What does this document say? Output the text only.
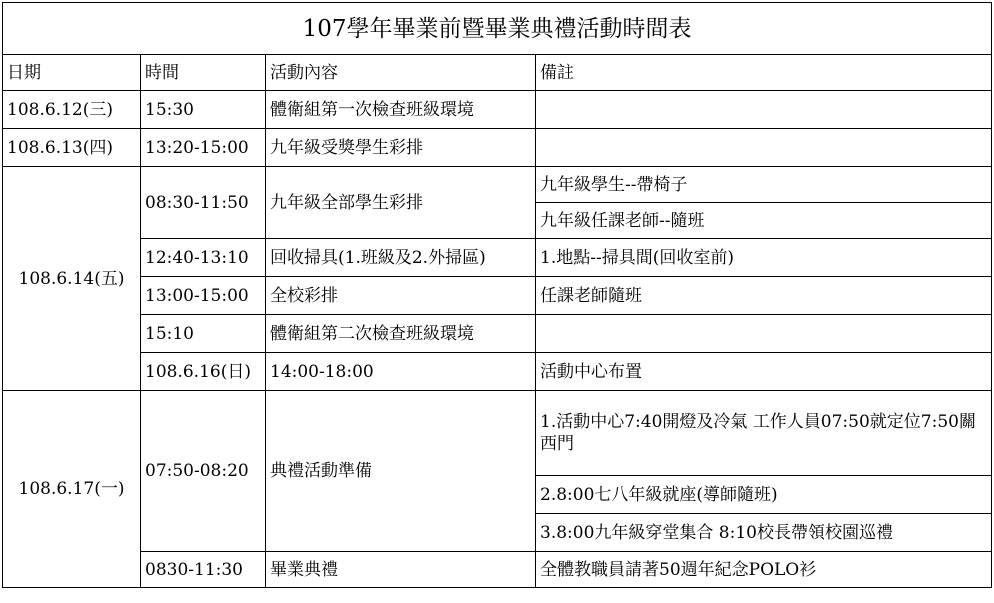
107學年畢業前暨畢業典禮活動時間表				
日期	時間	活動內容	備註	
108.6.12(三)	15:30	體衛組第一次檢查班級環境		
108.6.13(四)	13:20-15:00	九年級受獎學生彩排		
108.6.14(五)	08:30-11:50	九年級全部學生彩排	九年級學生--帶椅子	
			九年級任課老師--隨班	
	12:40-13:10	回收掃具(1.班級及2.外掃區)	1.地點--掃具間(回收室前)	
	13:00-15:00	全校彩排	任課老師隨班	
	15:10	體衛組第二次檢查班級環境		
	108.6.16(日)	14:00-18:00	活動中心布置	
108.6.17(一)	07:50-08:20	典禮活動準備	1.活動中心7:40開燈及冷氣 工作人員07:50就定位7:50關西門	
			2.8:00七八年級就座(導師隨班)	
			3.8:00九年級穿堂集合 8:10校長帶領校園巡禮	
	0830-11:30	畢業典禮	全體教職員請著50週年紀念POLO衫	
